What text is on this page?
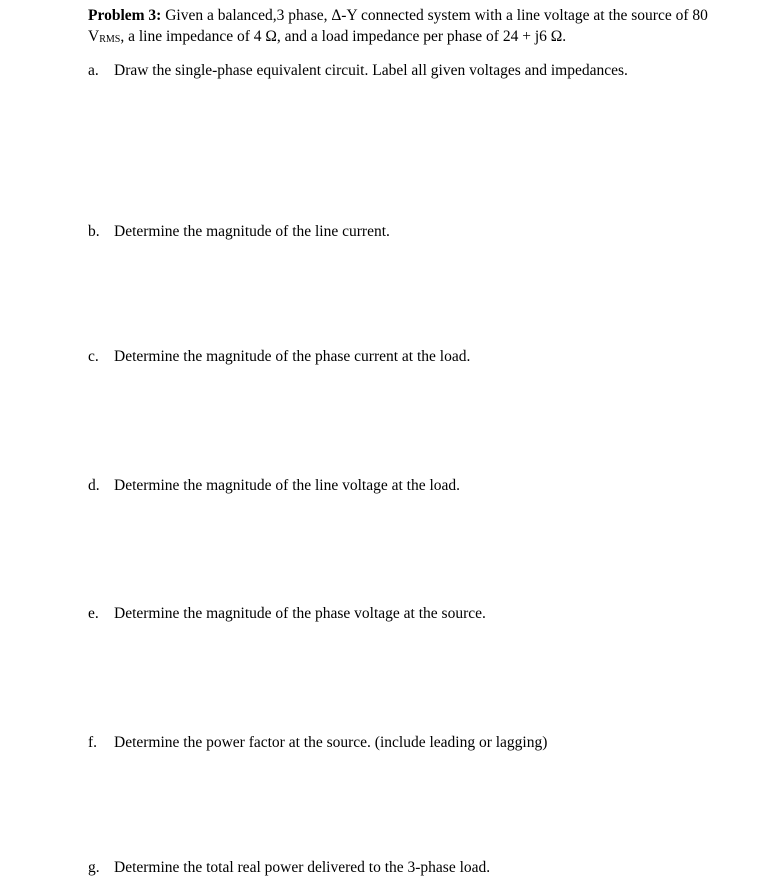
Problem 3: Given a balanced,3 phase, Δ-Y connected system with a line voltage at the source of 80 $V_{RMS}$, a line impedance of 4 Ω, and a load impedance per phase of 24 + j6 Ω.
a. Draw the single-phase equivalent circuit. Label all given voltages and impedances.
b. Determine the magnitude of the line current.
c. Determine the magnitude of the phase current at the load.
d. Determine the magnitude of the line voltage at the load.
e. Determine the magnitude of the phase voltage at the source.
f. Determine the power factor at the source. (include leading or lagging)
g. Determine the total real power delivered to the 3-phase load.
